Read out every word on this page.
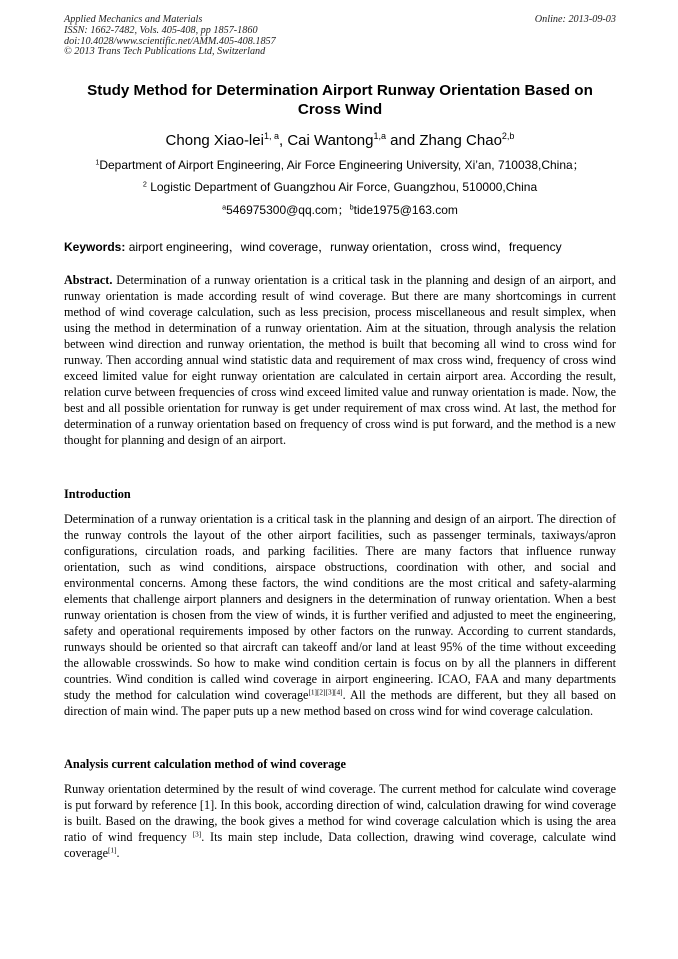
Applied Mechanics and Materials
ISSN: 1662-7482, Vols. 405-408, pp 1857-1860
doi:10.4028/www.scientific.net/AMM.405-408.1857
© 2013 Trans Tech Publications Ltd, Switzerland
Online: 2013-09-03
Study Method for Determination Airport Runway Orientation Based on Cross Wind
Chong Xiao-lei$^{1, a}$, Cai Wantong$^{1,a}$ and Zhang Chao$^{2,b}$
$^1$Department of Airport Engineering, Air Force Engineering University, Xi’an, 710038,China；
$^2$ Logistic Department of Guangzhou Air Force, Guangzhou, 510000,China
$^a$546975300@qq.com；$^b$tide1975@163.com
Keywords: airport engineering，wind coverage，runway orientation，cross wind，frequency
Abstract. Determination of a runway orientation is a critical task in the planning and design of an airport, and runway orientation is made according result of wind coverage. But there are many shortcomings in current method of wind coverage calculation, such as less precision, process miscellaneous and result simplex, when using the method in determination of a runway orientation. Aim at the situation, through analysis the relation between wind direction and runway orientation, the method is built that becoming all wind to cross wind for runway. Then according annual wind statistic data and requirement of max cross wind, frequency of cross wind exceed limited value for eight runway orientation are calculated in certain airport area. According the result, relation curve between frequencies of cross wind exceed limited value and runway orientation is made. Now, the best and all possible orientation for runway is get under requirement of max cross wind. At last, the method for determination of a runway orientation based on frequency of cross wind is put forward, and the method is a new thought for planning and design of an airport.
Introduction
Determination of a runway orientation is a critical task in the planning and design of an airport. The direction of the runway controls the layout of the other airport facilities, such as passenger terminals, taxiways/apron configurations, circulation roads, and parking facilities. There are many factors that influence runway orientation, such as wind conditions, airspace obstructions, coordination with other, and social and environmental concerns. Among these factors, the wind conditions are the most critical and safety-alarming elements that challenge airport planners and designers in the determination of runway orientation. When a best runway orientation is chosen from the view of winds, it is further verified and adjusted to meet the engineering, safety and operational requirements imposed by other factors on the runway. According to current standards, runways should be oriented so that aircraft can takeoff and/or land at least 95% of the time without exceeding the allowable crosswinds. So how to make wind condition certain is focus on by all the planners in different countries. Wind condition is called wind coverage in airport engineering. ICAO, FAA and many departments study the method for calculation wind coverage[1][2][3][4]. All the methods are different, but they all based on direction of main wind. The paper puts up a new method based on cross wind for wind coverage calculation.
Analysis current calculation method of wind coverage
Runway orientation determined by the result of wind coverage. The current method for calculate wind coverage is put forward by reference [1]. In this book, according direction of wind, calculation drawing for wind coverage is built. Based on the drawing, the book gives a method for wind coverage calculation which is using the area ratio of wind frequency [3]. Its main step include, Data collection, drawing wind coverage, calculate wind coverage[1].
